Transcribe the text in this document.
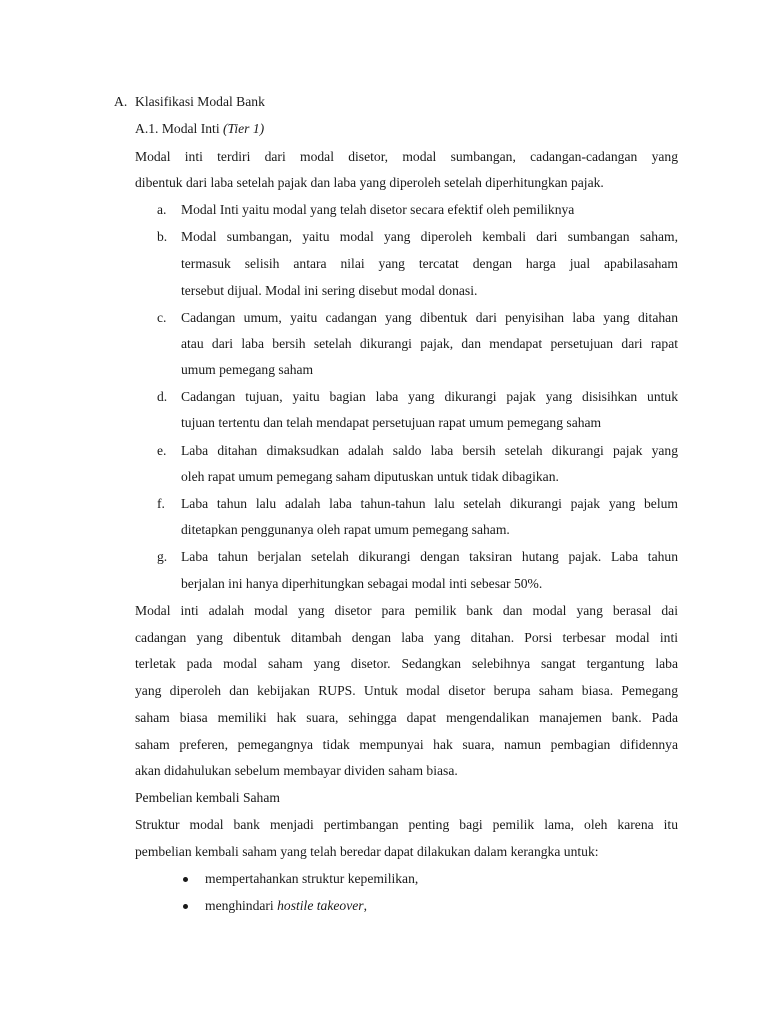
A. Klasifikasi Modal Bank
A.1. Modal Inti (Tier 1)
Modal inti terdiri dari modal disetor, modal sumbangan, cadangan-cadangan yang
dibentuk dari laba setelah pajak dan laba yang diperoleh setelah diperhitungkan pajak.
a. Modal Inti yaitu modal yang telah disetor secara efektif oleh pemiliknya
b. Modal sumbangan, yaitu modal yang diperoleh kembali dari sumbangan saham,
termasuk selisih antara nilai yang tercatat dengan harga jual apabilasaham
tersebut dijual. Modal ini sering disebut modal donasi.
c. Cadangan umum, yaitu cadangan yang dibentuk dari penyisihan laba yang ditahan
atau dari laba bersih setelah dikurangi pajak, dan mendapat persetujuan dari rapat
umum pemegang saham
d. Cadangan tujuan, yaitu bagian laba yang dikurangi pajak yang disisihkan untuk
tujuan tertentu dan telah mendapat persetujuan rapat umum pemegang saham
e. Laba ditahan dimaksudkan adalah saldo laba bersih setelah dikurangi pajak yang
oleh rapat umum pemegang saham diputuskan untuk tidak dibagikan.
f. Laba tahun lalu adalah laba tahun-tahun lalu setelah dikurangi pajak yang belum
ditetapkan penggunanya oleh rapat umum pemegang saham.
g. Laba tahun berjalan setelah dikurangi dengan taksiran hutang pajak. Laba tahun
berjalan ini hanya diperhitungkan sebagai modal inti sebesar 50%.
Modal inti adalah modal yang disetor para pemilik bank dan modal yang berasal dai
cadangan yang dibentuk ditambah dengan laba yang ditahan. Porsi terbesar modal inti
terletak pada modal saham yang disetor. Sedangkan selebihnya sangat tergantung laba
yang diperoleh dan kebijakan RUPS. Untuk modal disetor berupa saham biasa. Pemegang
saham biasa memiliki hak suara, sehingga dapat mengendalikan manajemen bank. Pada
saham preferen, pemegangnya tidak mempunyai hak suara, namun pembagian difidennya
akan didahulukan sebelum membayar dividen saham biasa.
Pembelian kembali Saham
Struktur modal bank menjadi pertimbangan penting bagi pemilik lama, oleh karena itu
pembelian kembali saham yang telah beredar dapat dilakukan dalam kerangka untuk:
mempertahankan struktur kepemilikan,
menghindari hostile takeover,
